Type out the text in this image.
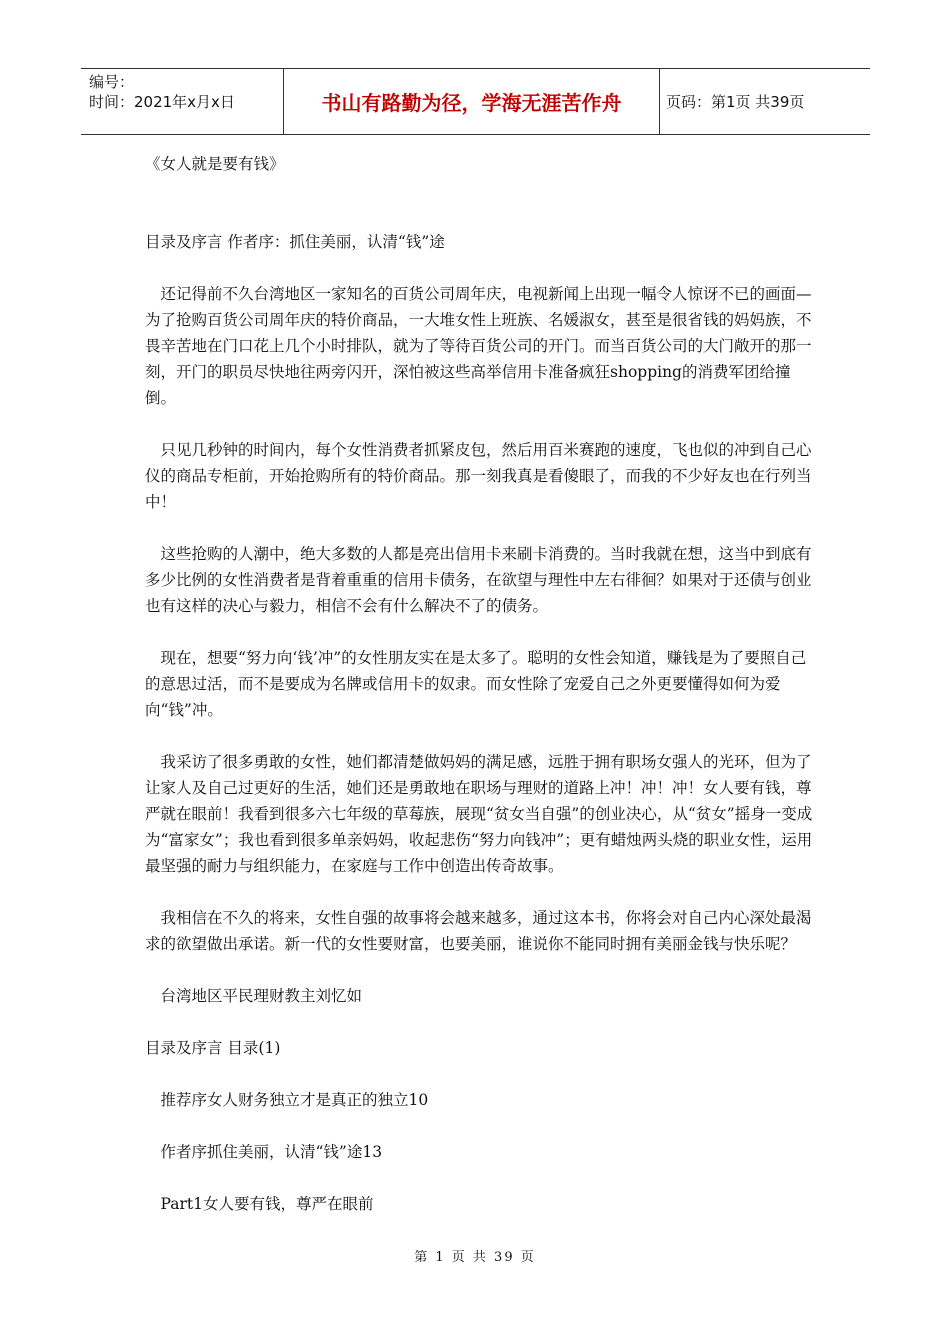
编号：
时间：2021年x月x日	书山有路勤为径，学海无涯苦作舟	页码：第1页 共39页

《女人就是要有钱》

目录及序言 作者序：抓住美丽，认清“钱”途

还记得前不久台湾地区一家知名的百货公司周年庆，电视新闻上出现一幅令人惊讶不已的画面—为了抢购百货公司周年庆的特价商品，一大堆女性上班族、名媛淑女，甚至是很省钱的妈妈族，不畏辛苦地在门口花上几个小时排队，就为了等待百货公司的开门。而当百货公司的大门敞开的那一刻，开门的职员尽快地往两旁闪开，深怕被这些高举信用卡准备疯狂shopping的消费军团给撞倒。

只见几秒钟的时间内，每个女性消费者抓紧皮包，然后用百米赛跑的速度，飞也似的冲到自己心仪的商品专柜前，开始抢购所有的特价商品。那一刻我真是看傻眼了，而我的不少好友也在行列当中！

这些抢购的人潮中，绝大多数的人都是亮出信用卡来刷卡消费的。当时我就在想，这当中到底有多少比例的女性消费者是背着重重的信用卡债务，在欲望与理性中左右徘徊？如果对于还债与创业也有这样的决心与毅力，相信不会有什么解决不了的债务。

现在，想要“努力向‘钱’冲”的女性朋友实在是太多了。聪明的女性会知道，赚钱是为了要照自己的意思过活，而不是要成为名牌或信用卡的奴隶。而女性除了宠爱自己之外更要懂得如何为爱向“钱”冲。

我采访了很多勇敢的女性，她们都清楚做妈妈的满足感，远胜于拥有职场女强人的光环，但为了让家人及自己过更好的生活，她们还是勇敢地在职场与理财的道路上冲！冲！冲！女人要有钱，尊严就在眼前！我看到很多六七年级的草莓族，展现“贫女当自强”的创业决心，从“贫女”摇身一变成为“富家女”；我也看到很多单亲妈妈，收起悲伤“努力向钱冲”；更有蜡烛两头烧的职业女性，运用最坚强的耐力与组织能力，在家庭与工作中创造出传奇故事。

我相信在不久的将来，女性自强的故事将会越来越多，通过这本书，你将会对自己内心深处最渴求的欲望做出承诺。新一代的女性要财富，也要美丽，谁说你不能同时拥有美丽金钱与快乐呢？

台湾地区平民理财教主刘忆如

目录及序言 目录(1)

推荐序女人财务独立才是真正的独立10

作者序抓住美丽，认清“钱”途13

Part1女人要有钱，尊严在眼前

第 1 页 共 39 页
